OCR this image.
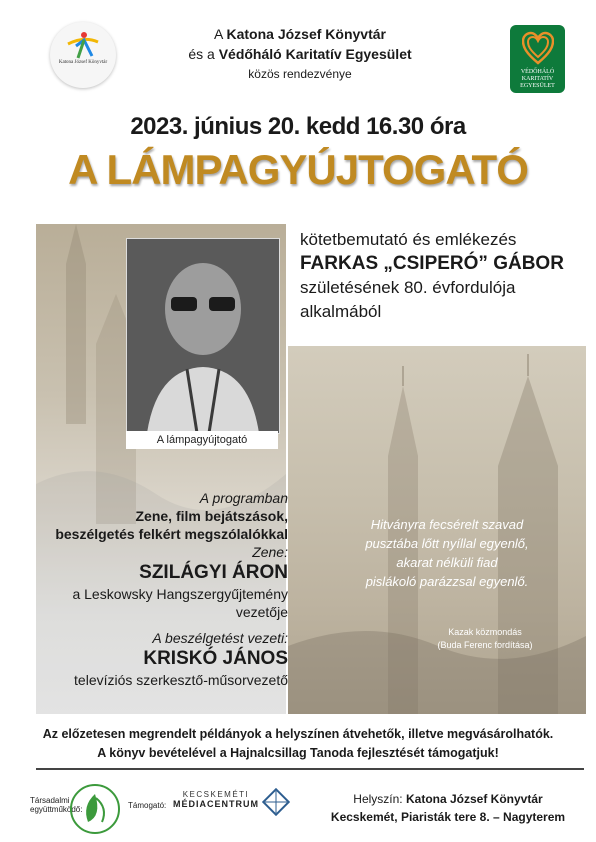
Katona József Könyvtár
A Katona József Könyvtár
és a Védőháló Karitatív Egyesület
közös rendezvénye	VÉDŐHÁLÓ KARITATÍV EGYESÜLET
2023. június 20. kedd 16.30 óra
A LÁMPAGYÚJTOGATÓ
A lámpagyújtogató
kötetbemutató és emlékezés
FARKAS „CSIPERÓ” GÁBOR
születésének 80. évfordulója
alkalmából
A programban
Zene, film bejátszások,
beszélgetés felkért megszólalókkal
Zene:
SZILÁGYI ÁRON
a Leskowsky Hangszergyűjtemény vezetője
A beszélgetést vezeti:
KRISKÓ JÁNOS
televíziós szerkesztő-műsorvezető
Hitványra fecsérelt szavad
pusztába lőtt nyíllal egyenlő,
akarat nélküli fiad
pislákoló parázzsal egyenlő.
Kazak közmondás
(Buda Ferenc fordítása)
Az előzetesen megrendelt példányok a helyszínen átvehetők, illetve megvásárolhatók.
A könyv bevételével a Hajnalcsillag Tanoda fejlesztését támogatjuk!
Társadalmi
együttműködő:	Támogató:
KECSKEMÉTI
MÉDIACENTRUM	Helyszín: Katona József Könyvtár
Kecskemét, Piaristák tere 8. – Nagyterem
